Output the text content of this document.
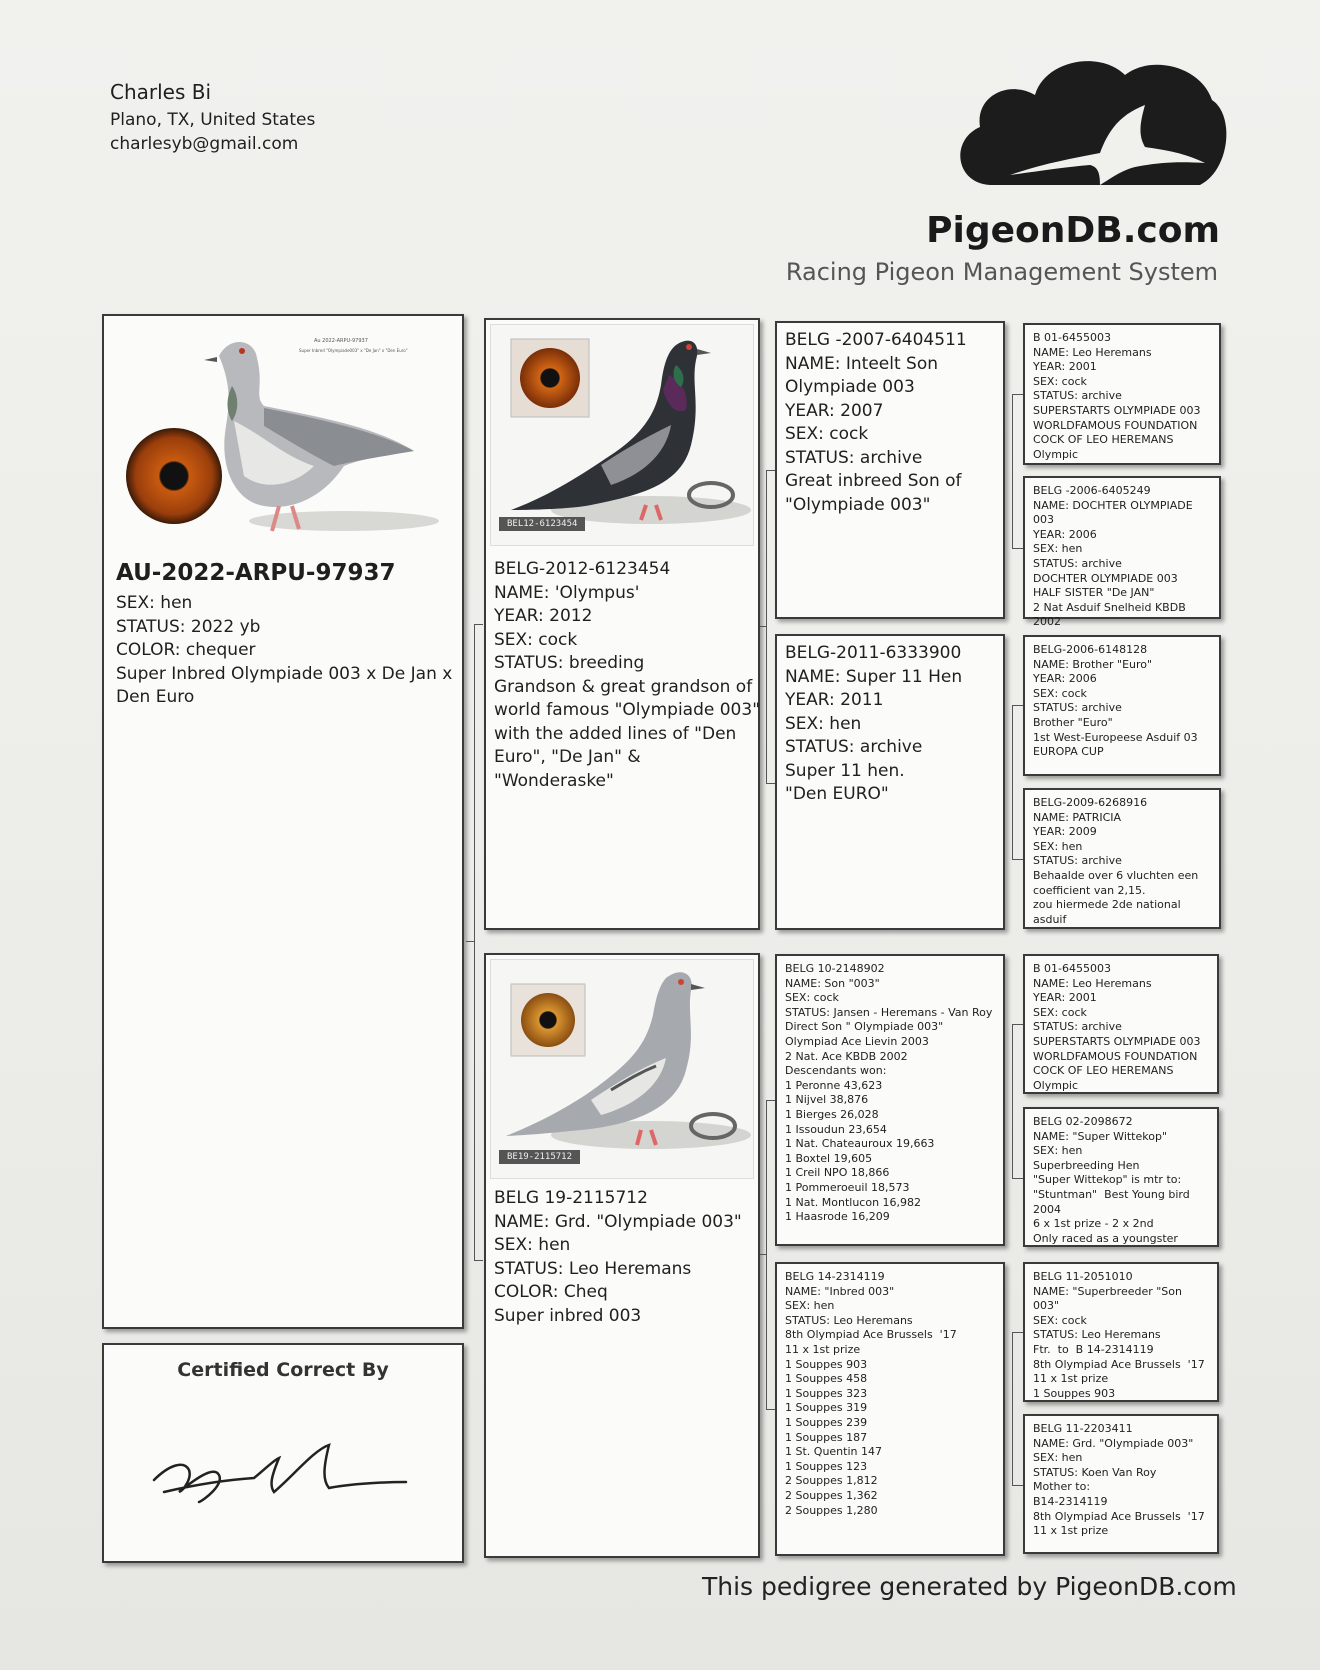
Charles Bi
Plano, TX, United States
charlesyb@gmail.com
PigeonDB.com
Racing Pigeon Management System
Au 2022-ARPU-97937
Super Inbred "Olympiade003" x "De Jan" x "Den Euro"

AU-2022-ARPU-97937

SEX: hen
STATUS: 2022 yb
COLOR: chequer
Super Inbred Olympiade 003 x De Jan x
Den Euro
Certified Correct By
BEL12-6123454
BELG-2012-6123454
NAME: 'Olympus'
YEAR: 2012
SEX: cock
STATUS: breeding
Grandson & great grandson of
world famous "Olympiade 003"
with the added lines of "Den
Euro", "De Jan" &
"Wonderaske"
BE19-2115712
BELG 19-2115712
NAME: Grd. "Olympiade 003"
SEX: hen
STATUS: Leo Heremans
COLOR: Cheq
Super inbred 003
BELG -2007-6404511
NAME: Inteelt Son
Olympiade 003
YEAR: 2007
SEX: cock
STATUS: archive
Great inbreed Son of
"Olympiade 003"
BELG-2011-6333900
NAME: Super 11 Hen
YEAR: 2011
SEX: hen
STATUS: archive
Super 11 hen.
"Den EURO"
BELG 10-2148902
NAME: Son "003"
SEX: cock
STATUS: Jansen - Heremans - Van Roy
Direct Son " Olympiade 003"
Olympiad Ace Lievin 2003
2 Nat. Ace KBDB 2002
Descendants won:
1 Peronne 43,623
1 Nijvel 38,876
1 Bierges 26,028
1 Issoudun 23,654
1 Nat. Chateauroux 19,663
1 Boxtel 19,605
1 Creil NPO 18,866
1 Pommeroeuil 18,573
1 Nat. Montlucon 16,982
1 Haasrode 16,209
BELG 14-2314119
NAME: "Inbred 003"
SEX: hen
STATUS: Leo Heremans
8th Olympiad Ace Brussels  '17
11 x 1st prize
1 Souppes 903
1 Souppes 458
1 Souppes 323
1 Souppes 319
1 Souppes 239
1 Souppes 187
1 St. Quentin 147
1 Souppes 123
2 Souppes 1,812
2 Souppes 1,362
2 Souppes 1,280
B 01-6455003
NAME: Leo Heremans
YEAR: 2001
SEX: cock
STATUS: archive
SUPERSTARTS OLYMPIADE 003
WORLDFAMOUS FOUNDATION
COCK OF LEO HEREMANS Olympic
BELG -2006-6405249
NAME: DOCHTER OLYMPIADE 003
YEAR: 2006
SEX: hen
STATUS: archive
DOCHTER OLYMPIADE 003
HALF SISTER "De JAN"
2 Nat Asduif Snelheid KBDB 2002
BELG-2006-6148128
NAME: Brother "Euro"
YEAR: 2006
SEX: cock
STATUS: archive
Brother "Euro"
1st West-Europeese Asduif 03
EUROPA CUP
BELG-2009-6268916
NAME: PATRICIA
YEAR: 2009
SEX: hen
STATUS: archive
Behaalde over 6 vluchten een
coefficient van 2,15.
zou hiermede 2de national asduif
B 01-6455003
NAME: Leo Heremans
YEAR: 2001
SEX: cock
STATUS: archive
SUPERSTARTS OLYMPIADE 003
WORLDFAMOUS FOUNDATION
COCK OF LEO HEREMANS Olympic
BELG 02-2098672
NAME: "Super Wittekop"
SEX: hen
Superbreeding Hen
"Super Wittekop" is mtr to:
"Stuntman"  Best Young bird 2004
6 x 1st prize - 2 x 2nd
Only raced as a youngster
BELG 11-2051010
NAME: "Superbreeder "Son 003"
SEX: cock
STATUS: Leo Heremans
Ftr.  to  B 14-2314119
8th Olympiad Ace Brussels  '17
11 x 1st prize
1 Souppes 903
BELG 11-2203411
NAME: Grd. "Olympiade 003"
SEX: hen
STATUS: Koen Van Roy
Mother to:
B14-2314119
8th Olympiad Ace Brussels  '17
11 x 1st prize
This pedigree generated by PigeonDB.com
